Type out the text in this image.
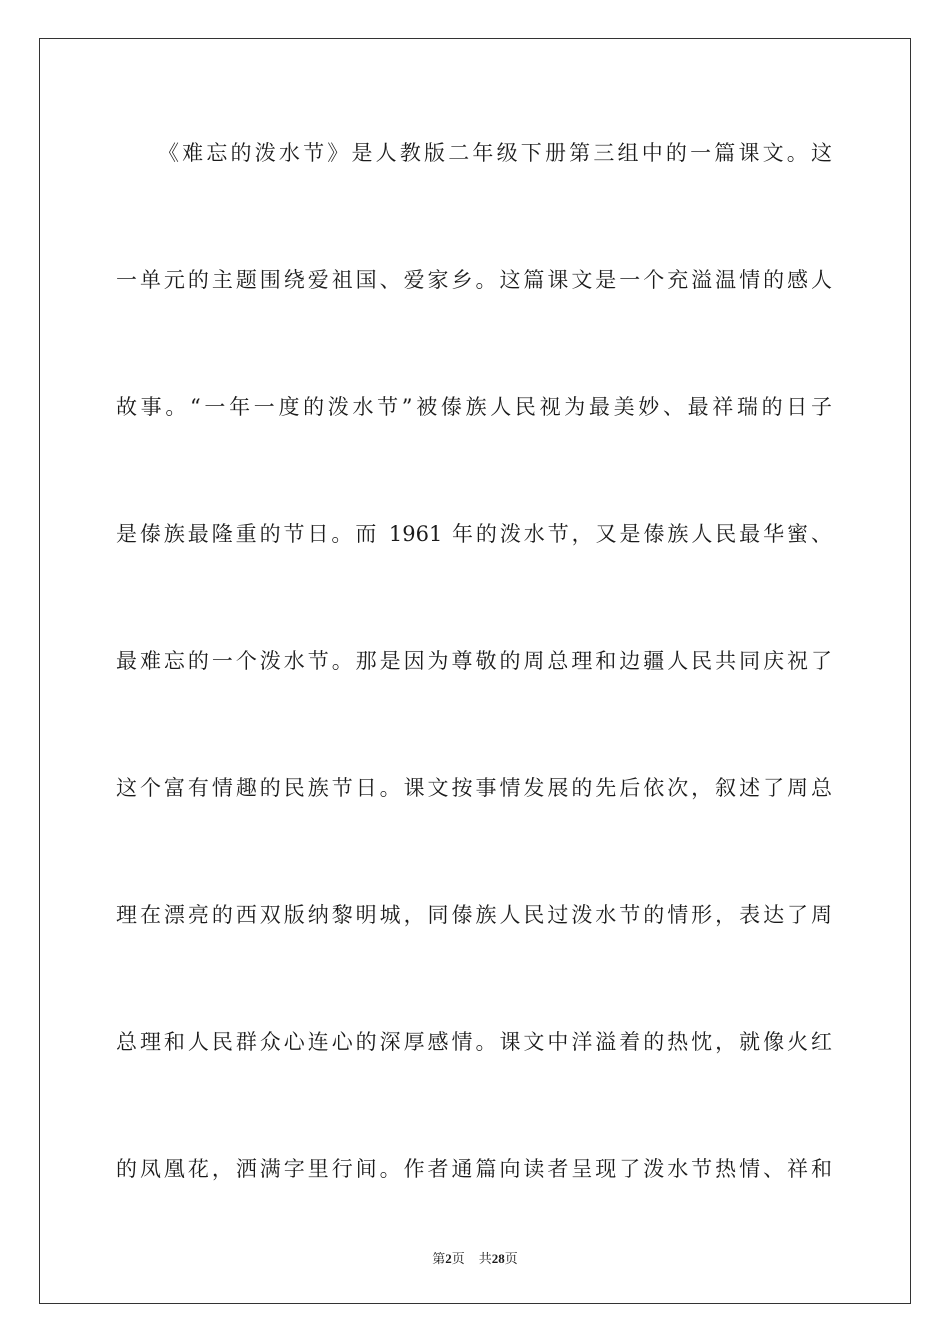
《难忘的泼水节》是人教版二年级下册第三组中的一篇课文。这
一单元的主题围绕爱祖国、爱家乡。这篇课文是一个充溢温情的感人
故事。“一年一度的泼水节”被傣族人民视为最美妙、最祥瑞的日子
是傣族最隆重的节日。而 1961 年的泼水节，又是傣族人民最华蜜、
最难忘的一个泼水节。那是因为尊敬的周总理和边疆人民共同庆祝了
这个富有情趣的民族节日。课文按事情发展的先后依次，叙述了周总
理在漂亮的西双版纳黎明城，同傣族人民过泼水节的情形，表达了周
总理和人民群众心连心的深厚感情。课文中洋溢着的热忱，就像火红
的凤凰花，洒满字里行间。作者通篇向读者呈现了泼水节热情、祥和
第2页 共28页
